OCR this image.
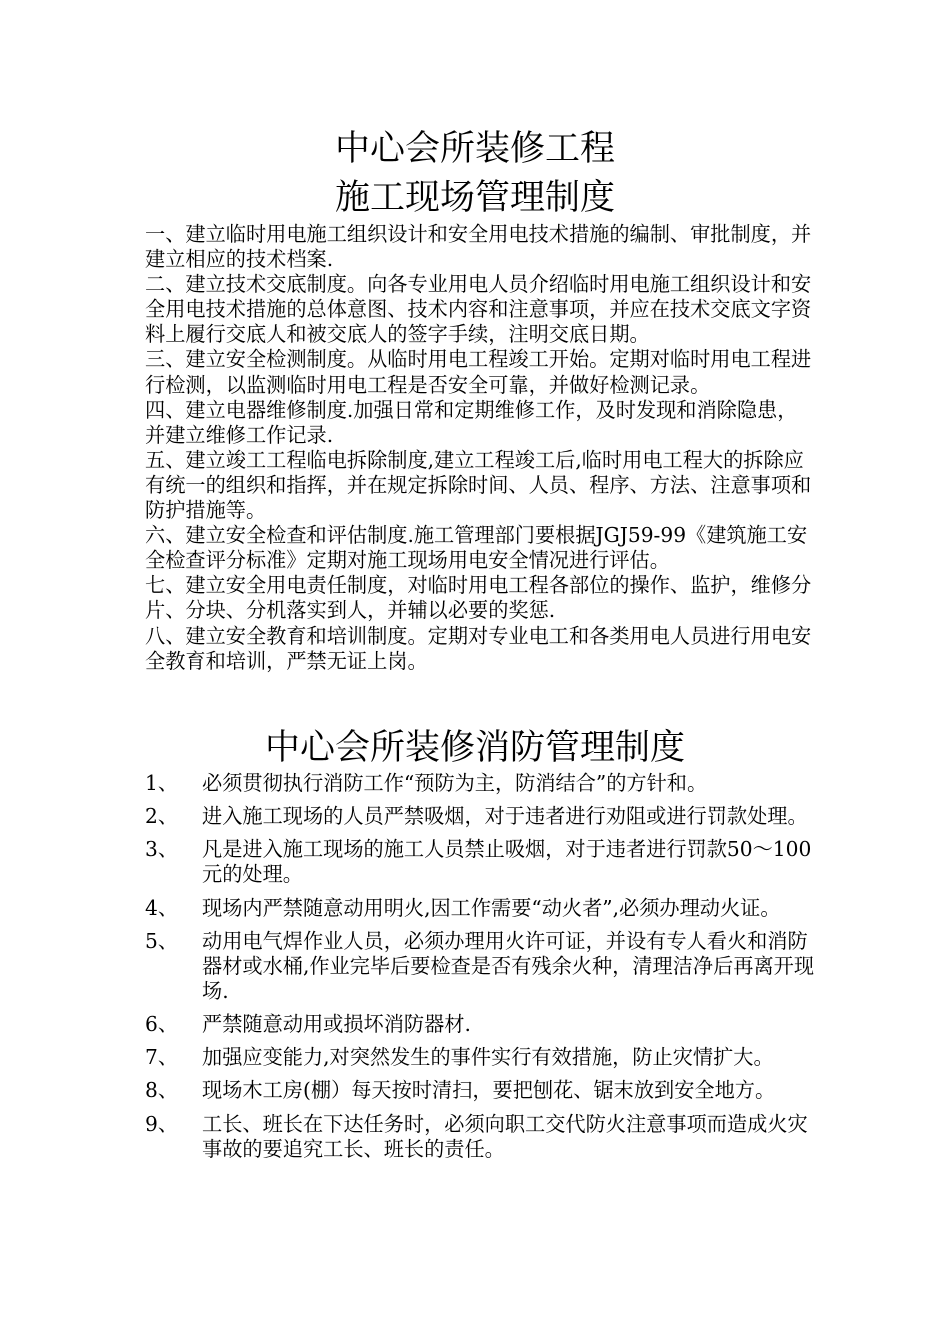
中心会所装修工程
施工现场管理制度

一、建立临时用电施工组织设计和安全用电技术措施的编制、审批制度，并建立相应的技术档案.

二、建立技术交底制度。向各专业用电人员介绍临时用电施工组织设计和安全用电技术措施的总体意图、技术内容和注意事项，并应在技术交底文字资料上履行交底人和被交底人的签字手续，注明交底日期。

三、建立安全检测制度。从临时用电工程竣工开始。定期对临时用电工程进行检测，以监测临时用电工程是否安全可靠，并做好检测记录。

四、建立电器维修制度.加强日常和定期维修工作，及时发现和消除隐患，并建立维修工作记录.

五、建立竣工工程临电拆除制度,建立工程竣工后,临时用电工程大的拆除应有统一的组织和指挥，并在规定拆除时间、人员、程序、方法、注意事项和防护措施等。

六、建立安全检查和评估制度.施工管理部门要根据JGJ59-99《建筑施工安全检查评分标准》定期对施工现场用电安全情况进行评估。

七、建立安全用电责任制度，对临时用电工程各部位的操作、监护，维修分片、分块、分机落实到人，并辅以必要的奖惩.

八、建立安全教育和培训制度。定期对专业电工和各类用电人员进行用电安全教育和培训，严禁无证上岗。

中心会所装修消防管理制度
1、	必须贯彻执行消防工作“预防为主，防消结合”的方针和。
2、	进入施工现场的人员严禁吸烟，对于违者进行劝阻或进行罚款处理。
3、	凡是进入施工现场的施工人员禁止吸烟，对于违者进行罚款50～100元的处理。
4、	现场内严禁随意动用明火,因工作需要“动火者”,必须办理动火证。
5、	动用电气焊作业人员，必须办理用火许可证，并设有专人看火和消防器材或水桶,作业完毕后要检查是否有残余火种，清理洁净后再离开现场.
6、	严禁随意动用或损坏消防器材.
7、	加强应变能力,对突然发生的事件实行有效措施，防止灾情扩大。
8、	现场木工房(棚）每天按时清扫，要把刨花、锯末放到安全地方。
9、	工长、班长在下达任务时，必须向职工交代防火注意事项而造成火灾事故的要追究工长、班长的责任。
